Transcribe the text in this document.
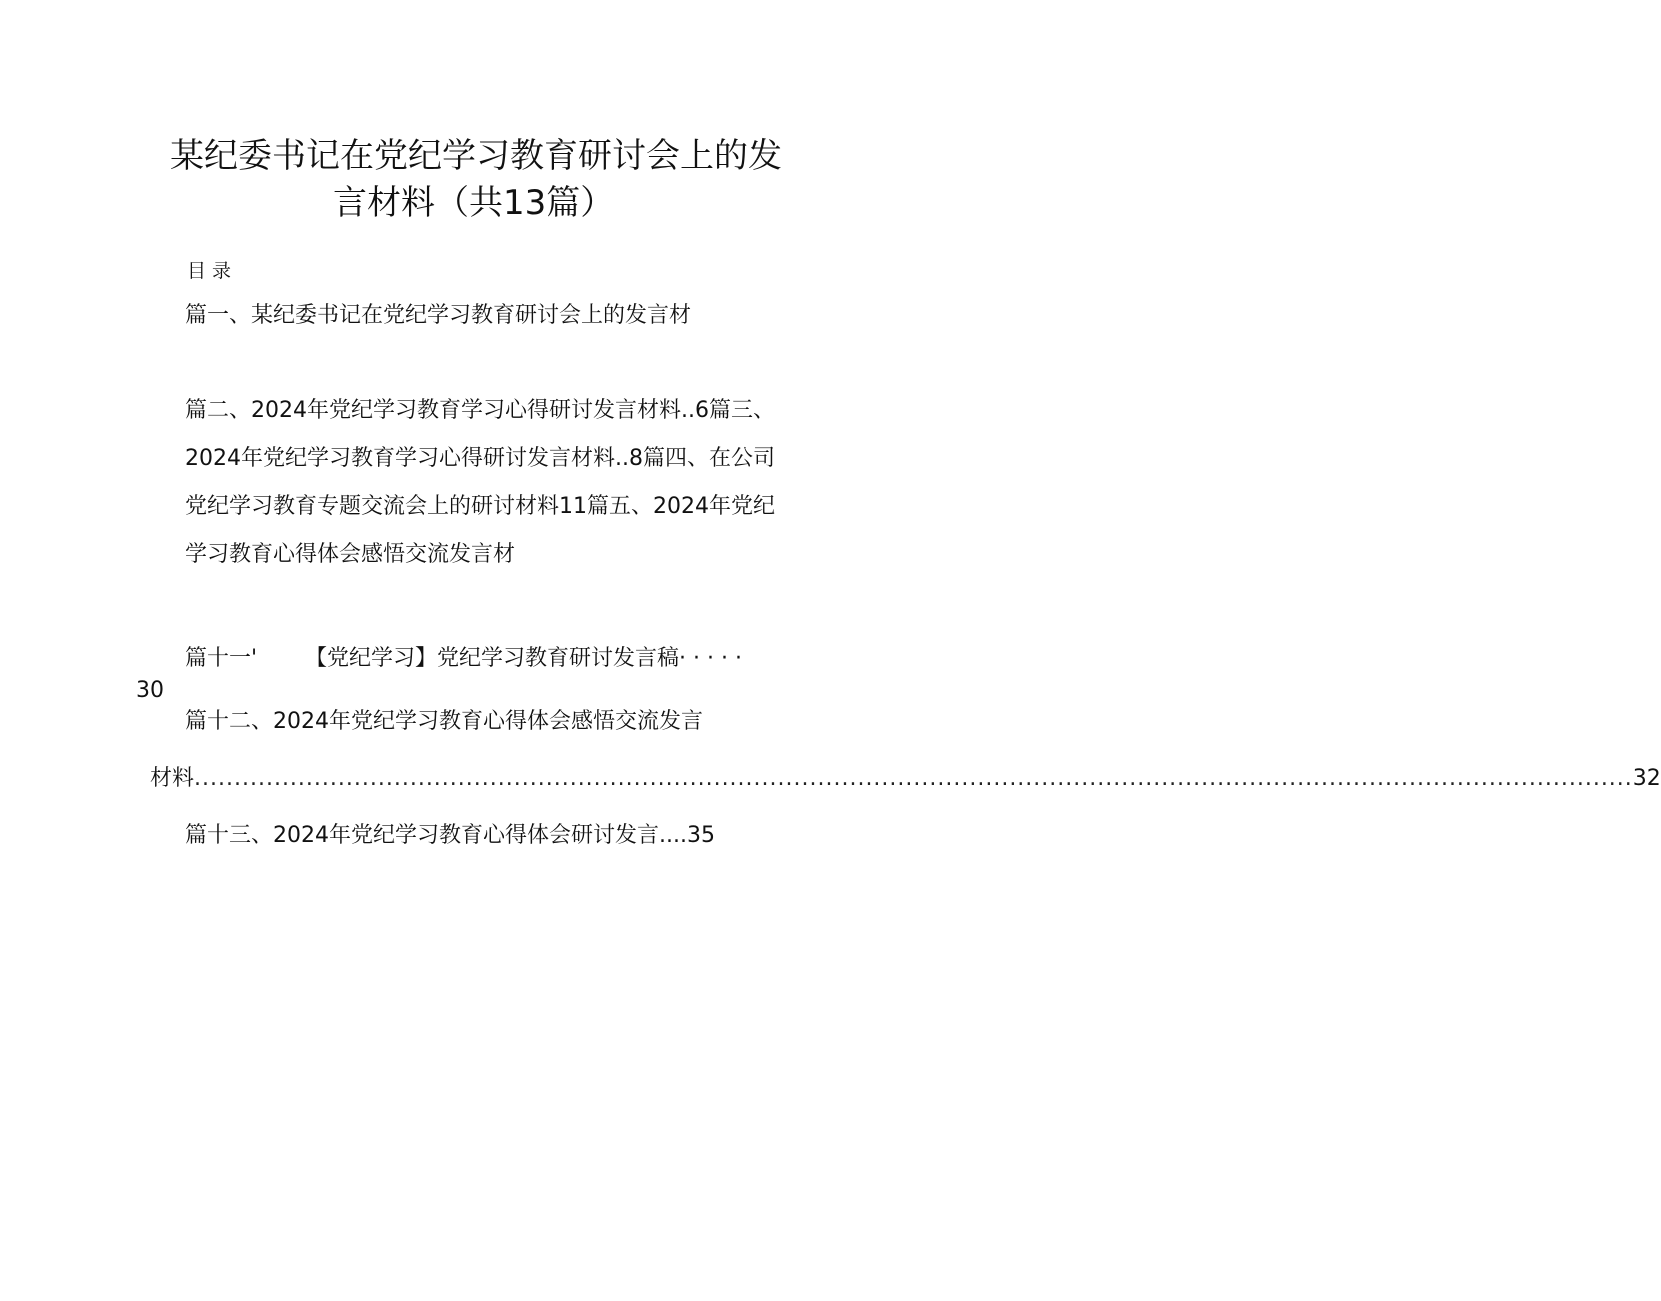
某纪委书记在党纪学习教育研讨会上的发
言材料（共13篇）
目录
篇一、某纪委书记在党纪学习教育研讨会上的发言材
篇二、2024年党纪学习教育学习心得研讨发言材料..6篇三、
2024年党纪学习教育学习心得研讨发言材料..8篇四、在公司
党纪学习教育专题交流会上的研讨材料11篇五、2024年党纪
学习教育心得体会感悟交流发言材
篇十一' 【党纪学习】党纪学习教育研讨发言稿· · · · ·
30
篇十二、2024年党纪学习教育心得体会感悟交流发言
材料 .................................................................................................................................................................................... 32
篇十三、2024年党纪学习教育心得体会研讨发言....35
